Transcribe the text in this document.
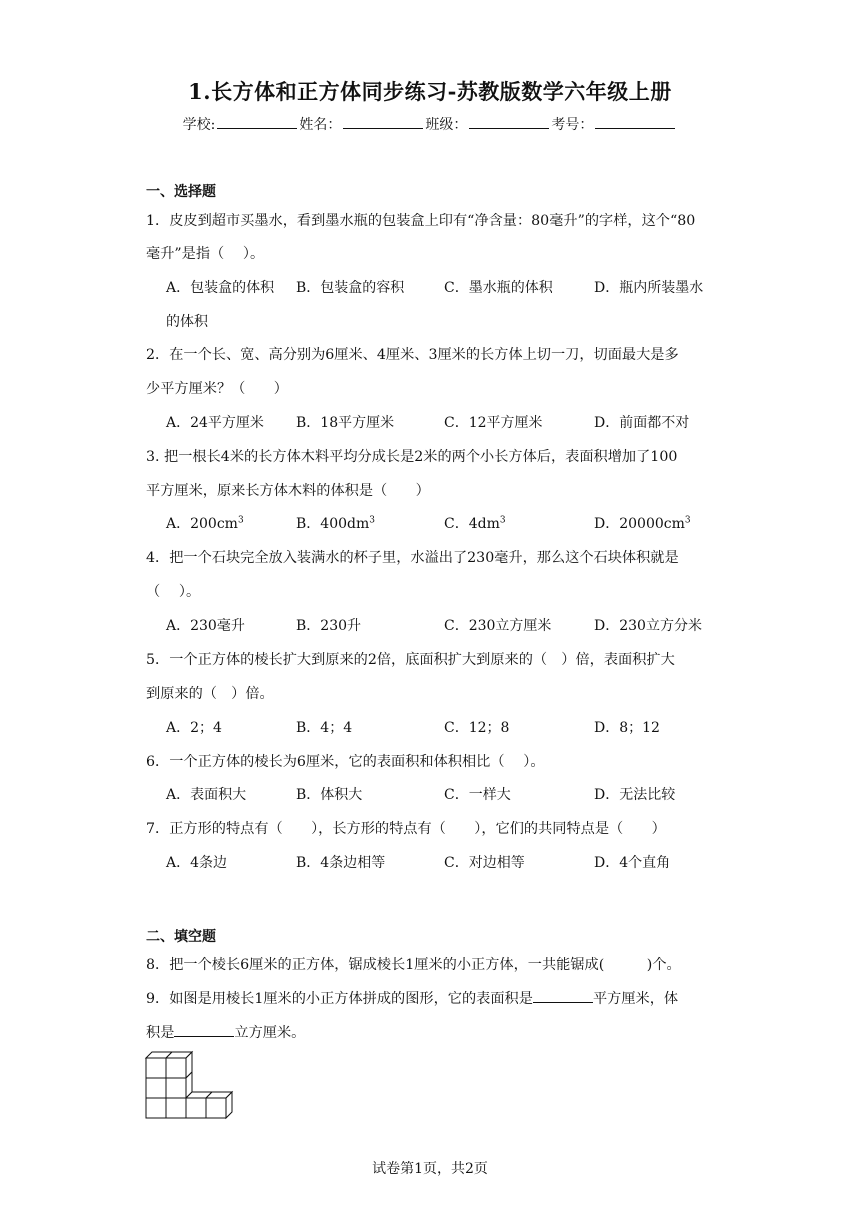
1.长方体和正方体同步练习-苏教版数学六年级上册
学校:	姓名：	班级：	考号：
一、选择题
1．皮皮到超市买墨水，看到墨水瓶的包装盒上印有“净含量：80毫升”的字样，这个“80
毫升”是指（　 ）。
A．包装盒的体积 B．包装盒的容积	C．墨水瓶的体积	D．瓶内所装墨水
的体积
2．在一个长、宽、高分别为6厘米、4厘米、3厘米的长方体上切一刀，切面最大是多
少平方厘米？（　　）
A．24平方厘米 B．18平方厘米	C．12平方厘米	D．前面都不对
3. 把一根长4米的长方体木料平均分成长是2米的两个小长方体后，表面积增加了100
平方厘米，原来长方体木料的体积是（　　）
A．$200cm^3$	B．$400dm^3$	C．$4dm^3$	D．$20000cm^3$
4．把一个石块完全放入装满水的杯子里，水溢出了230毫升，那么这个石块体积就是
（　 ）。
A．230毫升	B．230升	C．230立方厘米	D．230立方分米
5．一个正方体的棱长扩大到原来的2倍，底面积扩大到原来的（　）倍，表面积扩大
到原来的（　）倍。
A．2；4	B．4；4	C．12；8	D．8；12
6．一个正方体的棱长为6厘米，它的表面积和体积相比（　 ）。
A．表面积大	B．体积大	C．一样大	D．无法比较
7．正方形的特点有（　　），长方形的特点有（　　），它们的共同特点是（　　）
A．4条边	B．4条边相等	C．对边相等	D．4个直角
二、填空题
8．把一个棱长6厘米的正方体，锯成棱长1厘米的小正方体，一共能锯成(　　　)个。
9．如图是用棱长1厘米的小正方体拼成的图形，它的表面积是	平方厘米，体
积是	立方厘米。
试卷第1页，共2页
